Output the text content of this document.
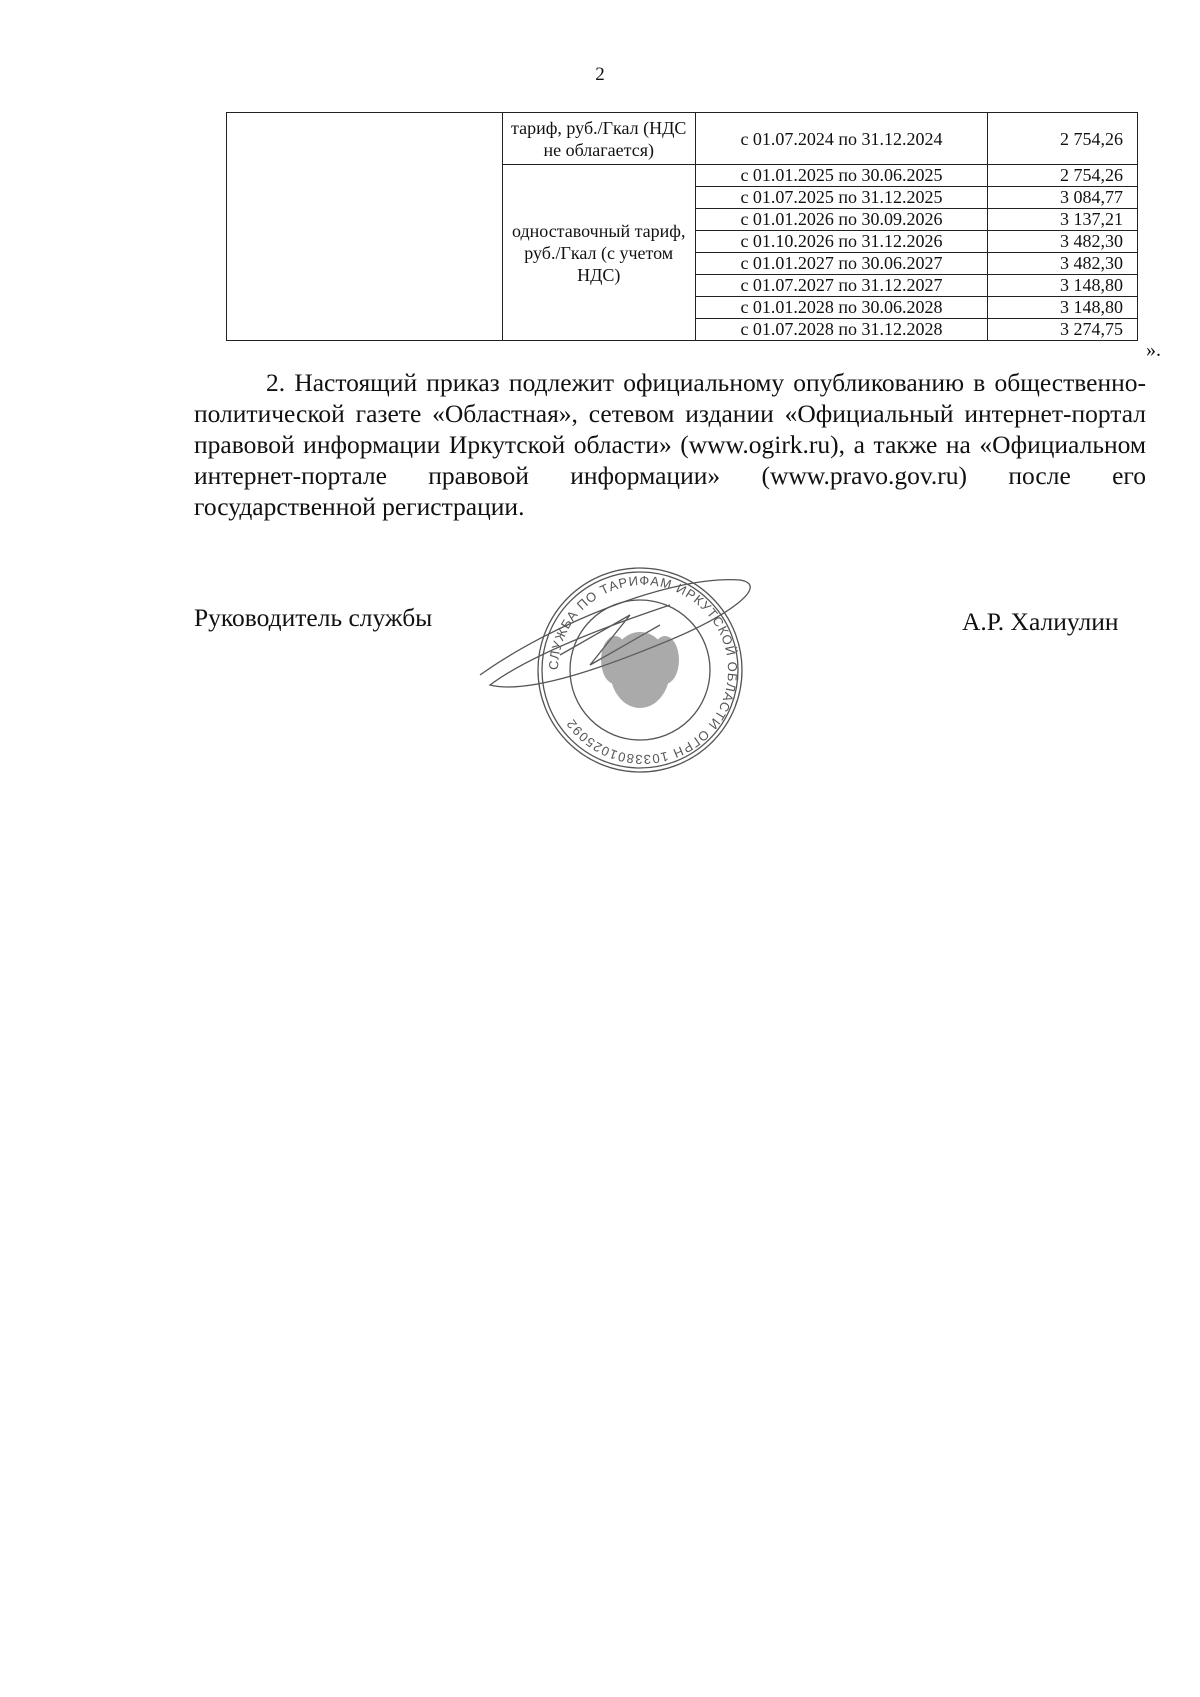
2
	тариф, руб./Гкал (НДС не облагается)	с 01.07.2024 по 31.12.2024	2 754,26
	одноставочный тариф, руб./Гкал (с учетом НДС)	с 01.01.2025 по 30.06.2025	2 754,26
		с 01.07.2025 по 31.12.2025	3 084,77
		с 01.01.2026 по 30.09.2026	3 137,21
		с 01.10.2026 по 31.12.2026	3 482,30
		с 01.01.2027 по 30.06.2027	3 482,30
		с 01.07.2027 по 31.12.2027	3 148,80
		с 01.01.2028 по 30.06.2028	3 148,80
		с 01.07.2028 по 31.12.2028	3 274,75
».

2. Настоящий приказ подлежит официальному опубликованию в общественно-политической газете «Областная», сетевом издании «Официальный интернет-портал правовой информации Иркутской области» (www.ogirk.ru), а также на «Официальном интернет-портале правовой информации» (www.pravo.gov.ru) после его государственной регистрации.

Руководитель службы	А.Р. Халиулин
СЛУЖБА ПО ТАРИФАМ ИРКУТСКОЙ ОБЛАСТИ ОГРН 1033801025092
